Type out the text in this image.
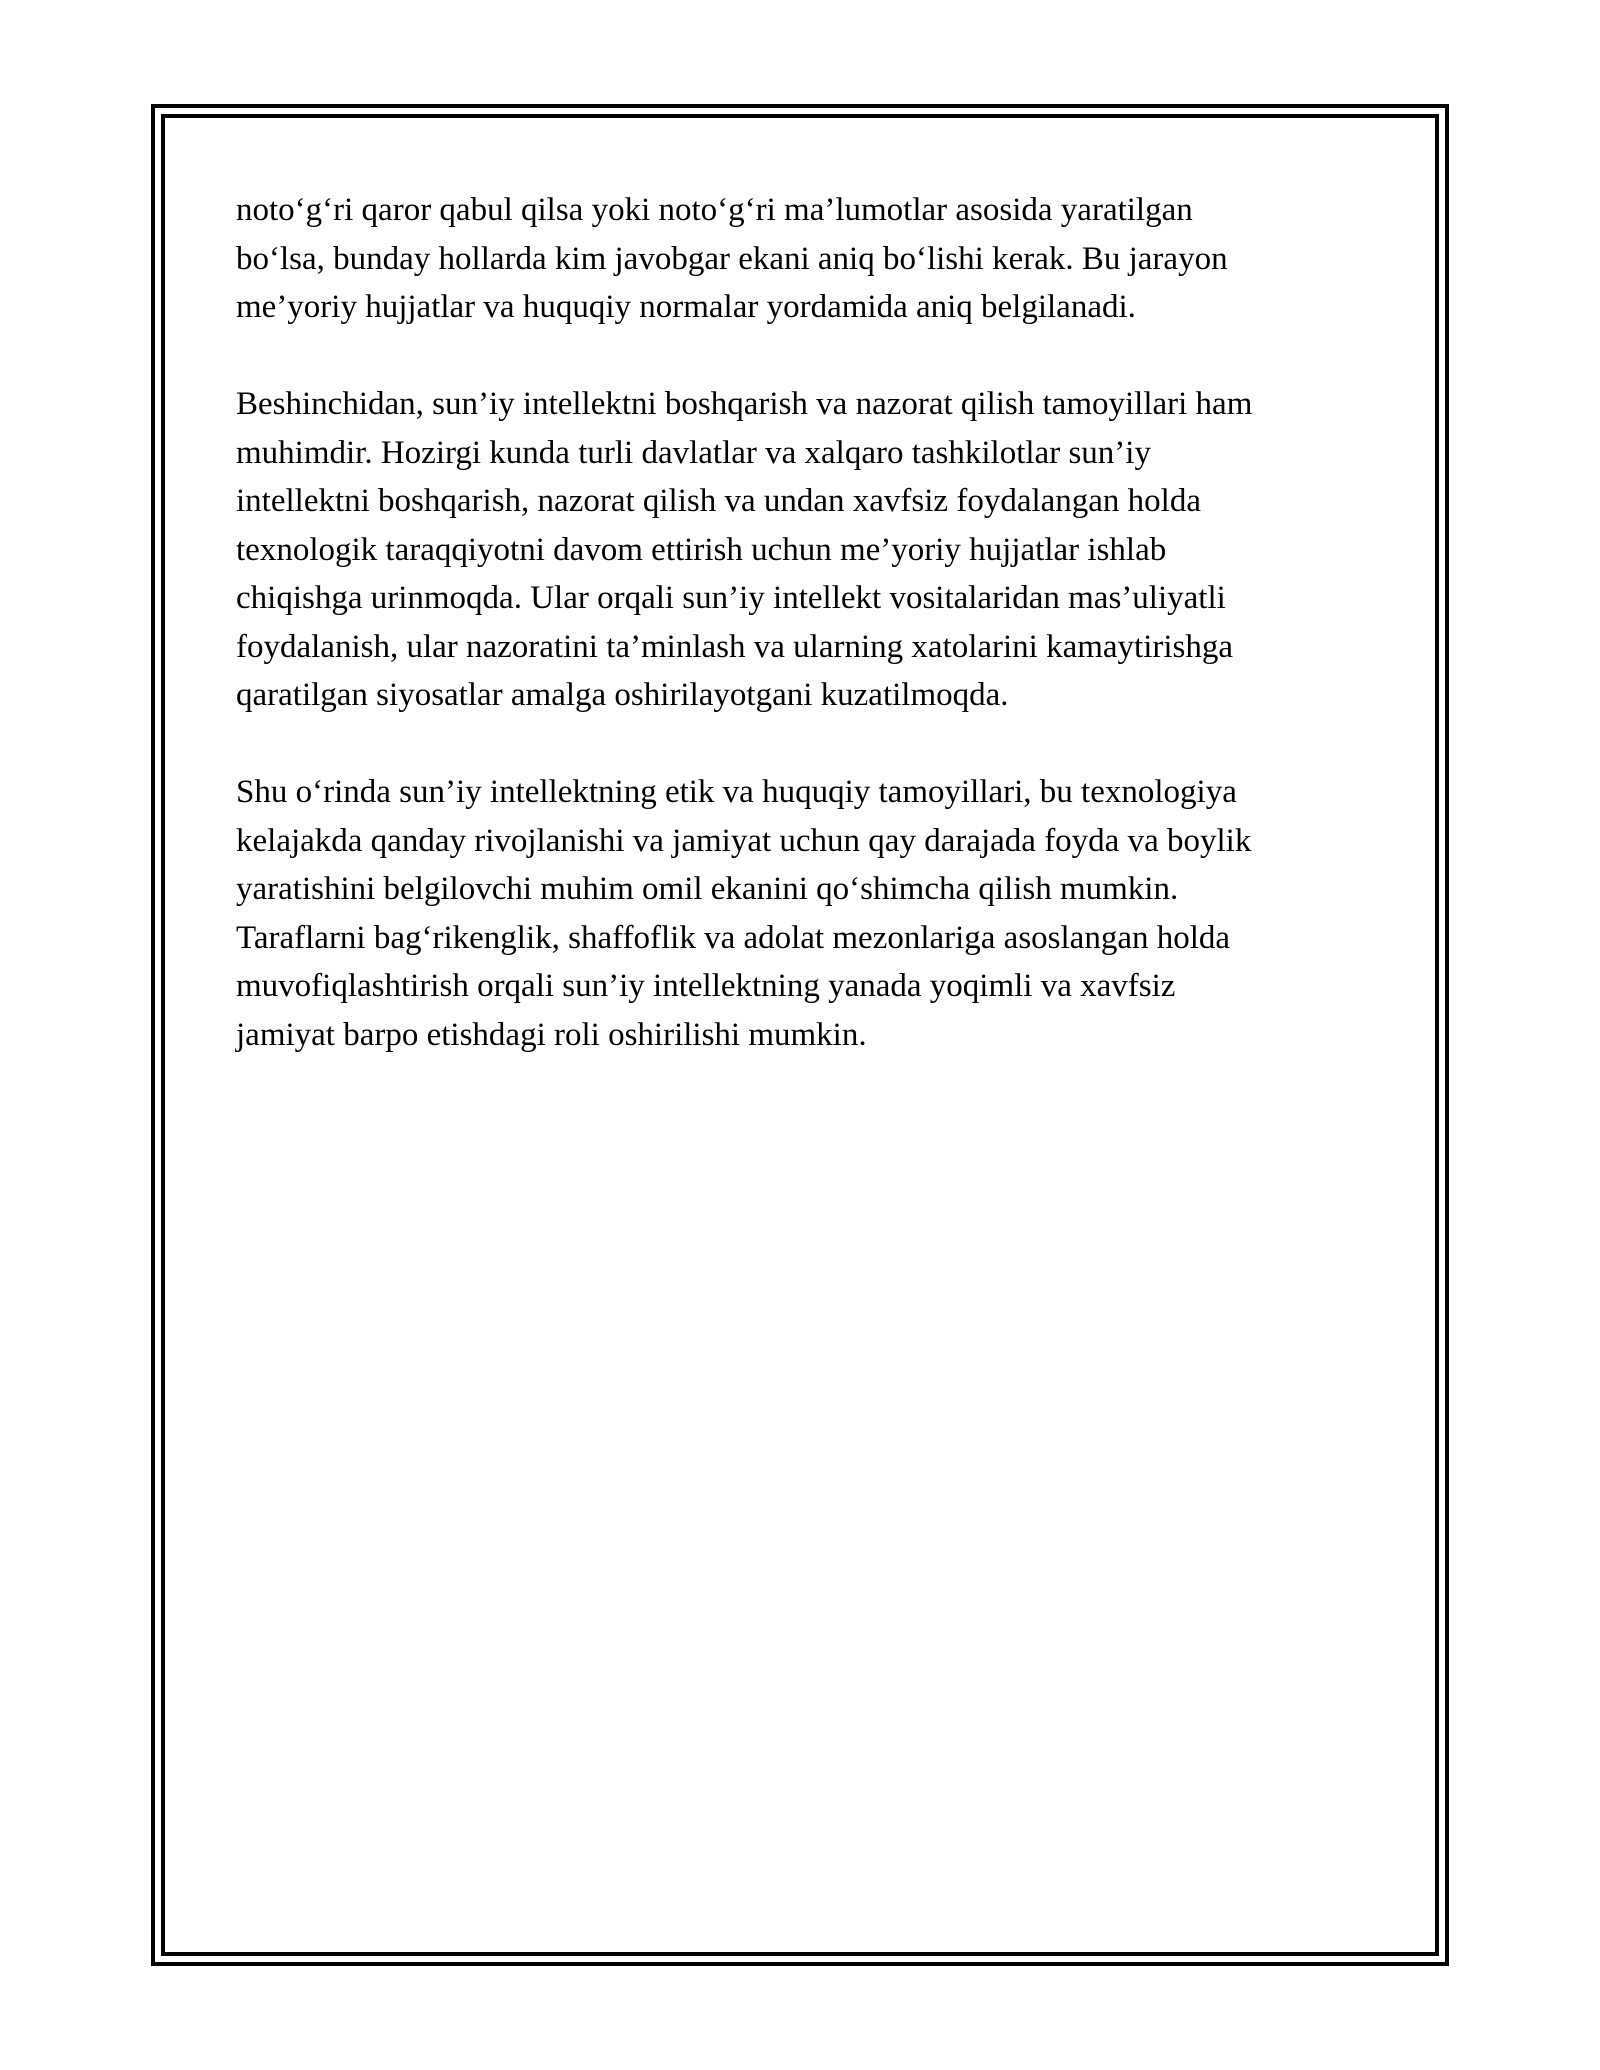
noto‘g‘ri qaror qabul qilsa yoki noto‘g‘ri ma’lumotlar asosida yaratilgan
bo‘lsa, bunday hollarda kim javobgar ekani aniq bo‘lishi kerak. Bu jarayon
me’yoriy hujjatlar va huquqiy normalar yordamida aniq belgilanadi.

Beshinchidan, sun’iy intellektni boshqarish va nazorat qilish tamoyillari ham
muhimdir. Hozirgi kunda turli davlatlar va xalqaro tashkilotlar sun’iy
intellektni boshqarish, nazorat qilish va undan xavfsiz foydalangan holda
texnologik taraqqiyotni davom ettirish uchun me’yoriy hujjatlar ishlab
chiqishga urinmoqda. Ular orqali sun’iy intellekt vositalaridan mas’uliyatli
foydalanish, ular nazoratini ta’minlash va ularning xatolarini kamaytirishga
qaratilgan siyosatlar amalga oshirilayotgani kuzatilmoqda.

Shu o‘rinda sun’iy intellektning etik va huquqiy tamoyillari, bu texnologiya
kelajakda qanday rivojlanishi va jamiyat uchun qay darajada foyda va boylik
yaratishini belgilovchi muhim omil ekanini qo‘shimcha qilish mumkin.
Taraflarni bag‘rikenglik, shaffoflik va adolat mezonlariga asoslangan holda
muvofiqlashtirish orqali sun’iy intellektning yanada yoqimli va xavfsiz
jamiyat barpo etishdagi roli oshirilishi mumkin.
